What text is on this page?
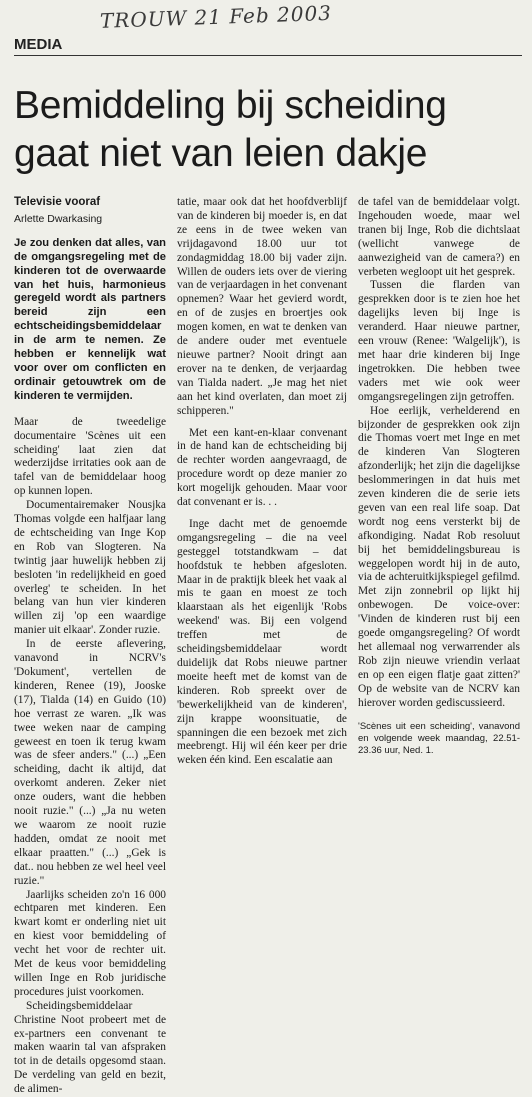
TROUW 21 Feb 2003
MEDIA
Bemiddeling bij scheiding gaat niet van leien dakje

Televisie vooraf

Arlette Dwarkasing

Je zou denken dat alles, van de omgangsregeling met de kinderen tot de overwaarde van het huis, harmonieus geregeld wordt als partners bereid zijn een echtscheidingsbemiddelaar in de arm te nemen. Ze hebben er kennelijk wat voor over om conflicten en ordinair getouwtrek om de kinderen te vermijden.

Maar de tweedelige documentaire 'Scènes uit een scheiding' laat zien dat wederzijdse irritaties ook aan de tafel van de bemiddelaar hoog op kunnen lopen.

Documentairemaker Nousjka Thomas volgde een halfjaar lang de echtscheiding van Inge Kop en Rob van Slogteren. Na twintig jaar huwelijk hebben zij besloten 'in redelijkheid en goed overleg' te scheiden. In het belang van hun vier kinderen willen zij 'op een waardige manier uit elkaar'. Zonder ruzie.

In de eerste aflevering, vanavond in NCRV's 'Dokument', vertellen de kinderen, Renee (19), Jooske (17), Tialda (14) en Guido (10) hoe verrast ze waren. „Ik was twee weken naar de camping geweest en toen ik terug kwam was de sfeer anders." (...) „Een scheiding, dacht ik altijd, dat overkomt anderen. Zeker niet onze ouders, want die hebben nooit ruzie." (...) „Ja nu weten we waarom ze nooit ruzie hadden, omdat ze nooit met elkaar praatten." (...) „Gek is dat.. nou hebben ze wel heel veel ruzie."

Jaarlijks scheiden zo'n 16 000 echtparen met kinderen. Een kwart komt er onderling niet uit en kiest voor bemiddeling of vecht het voor de rechter uit. Met de keus voor bemiddeling willen Inge en Rob juridische procedures juist voorkomen.

Scheidingsbemiddelaar Christine Noot probeert met de ex-partners een convenant te maken waarin tal van afspraken tot in de details opgesomd staan. De verdeling van geld en bezit, de alimen-

tatie, maar ook dat het hoofdverblijf van de kinderen bij moeder is, en dat ze eens in de twee weken van vrijdagavond 18.00 uur tot zondagmiddag 18.00 bij vader zijn. Willen de ouders iets over de viering van de verjaardagen in het convenant opnemen? Waar het gevierd wordt, en of de zusjes en broertjes ook mogen komen, en wat te denken van de andere ouder met eventuele nieuwe partner? Nooit dringt aan erover na te denken, de verjaardag van Tialda nadert. „Je mag het niet aan het kind overlaten, dan moet zij schipperen."

Met een kant-en-klaar convenant in de hand kan de echtscheiding bij de rechter worden aangevraagd, de procedure wordt op deze manier zo kort mogelijk gehouden. Maar voor dat convenant er is. . .

Inge dacht met de genoemde omgangsregeling – die na veel gesteggel totstandkwam – dat hoofdstuk te hebben afgesloten. Maar in de praktijk bleek het vaak al mis te gaan en moest ze toch klaarstaan als het eigenlijk 'Robs weekend' was. Bij een volgend treffen met de scheidingsbemiddelaar wordt duidelijk dat Robs nieuwe partner moeite heeft met de komst van de kinderen. Rob spreekt over de 'bewerkelijkheid van de kinderen', zijn krappe woonsituatie, de spanningen die een bezoek met zich meebrengt. Hij wil één keer per drie weken één kind. Een escalatie aan

de tafel van de bemiddelaar volgt. Ingehouden woede, maar wel tranen bij Inge, Rob die dichtslaat (wellicht vanwege de aanwezigheid van de camera?) en verbeten wegloopt uit het gesprek.

Tussen die flarden van gesprekken door is te zien hoe het dagelijks leven bij Inge is veranderd. Haar nieuwe partner, een vrouw (Renee: 'Walgelijk'), is met haar drie kinderen bij Inge ingetrokken. Die hebben twee vaders met wie ook weer omgangsregelingen zijn getroffen.

Hoe eerlijk, verhelderend en bijzonder de gesprekken ook zijn die Thomas voert met Inge en met de kinderen Van Slogteren afzonderlijk; het zijn die dagelijkse beslommeringen in dat huis met zeven kinderen die de serie iets geven van een real life soap. Dat wordt nog eens versterkt bij de afkondiging. Nadat Rob resoluut bij het bemiddelingsbureau is weggelopen wordt hij in de auto, via de achteruitkijkspiegel gefilmd. Met zijn zonnebril op lijkt hij onbewogen. De voice-over: 'Vinden de kinderen rust bij een goede omgangsregeling? Of wordt het allemaal nog verwarrender als Rob zijn nieuwe vriendin verlaat en op een eigen flatje gaat zitten?' Op de website van de NCRV kan hierover worden gediscussieerd.

'Scènes uit een scheiding', vanavond en volgende week maandag, 22.51-23.36 uur, Ned. 1.
